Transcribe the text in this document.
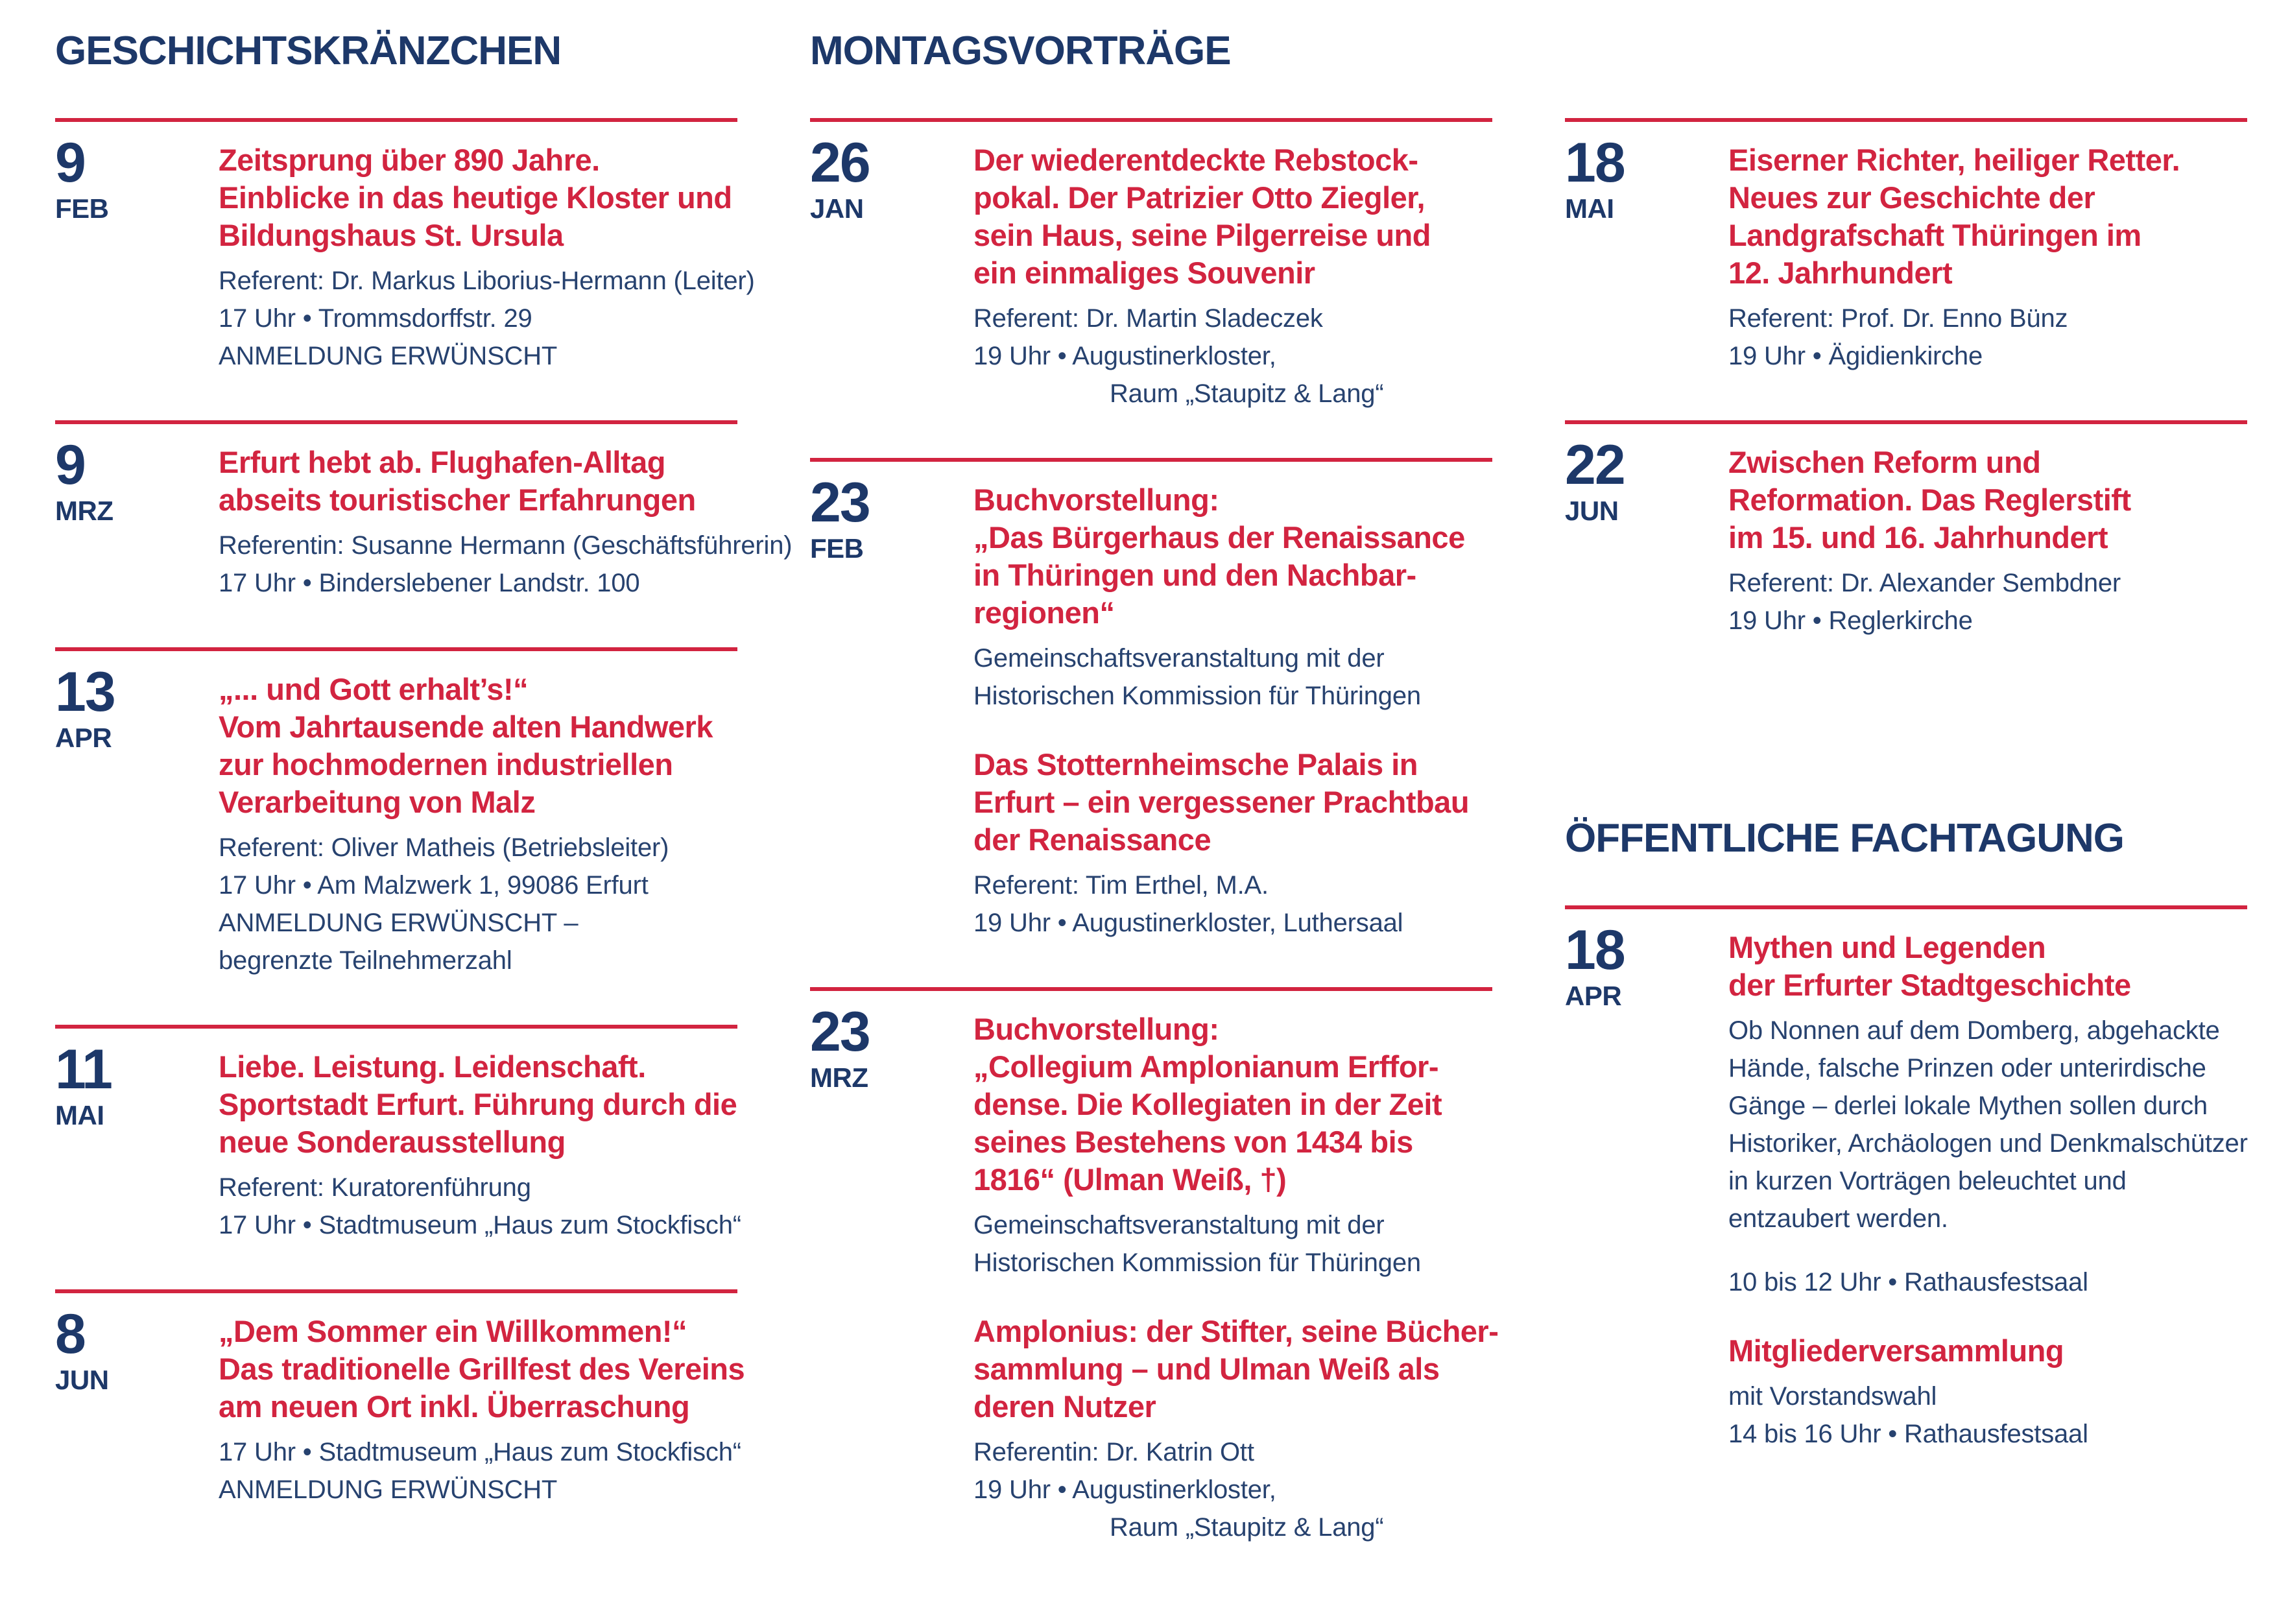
GESCHICHTSKRÄNZCHEN
9
FEB
Zeitsprung über 890 Jahre.
Einblicke in das heutige Kloster und
Bildungshaus St. Ursula
Referent: Dr. Markus Liborius-Hermann (Leiter)
17 Uhr • Trommsdorffstr. 29
ANMELDUNG ERWÜNSCHT
9
MRZ
Erfurt hebt ab. Flughafen-Alltag
abseits touristischer Erfahrungen
Referentin: Susanne Hermann (Geschäftsführerin)
17 Uhr • Binderslebener Landstr. 100
13
APR
„... und Gott erhalt’s!“
Vom Jahrtausende alten Handwerk
zur hochmodernen industriellen
Verarbeitung von Malz
Referent: Oliver Matheis (Betriebsleiter)
17 Uhr • Am Malzwerk 1, 99086 Erfurt
ANMELDUNG ERWÜNSCHT –
begrenzte Teilnehmerzahl
11
MAI
Liebe. Leistung. Leidenschaft.
Sportstadt Erfurt. Führung durch die
neue Sonderausstellung
Referent: Kuratorenführung
17 Uhr • Stadtmuseum „Haus zum Stockfisch“
8
JUN
„Dem Sommer ein Willkommen!“
Das traditionelle Grillfest des Vereins
am neuen Ort inkl. Überraschung
17 Uhr • Stadtmuseum „Haus zum Stockfisch“
ANMELDUNG ERWÜNSCHT
MONTAGSVORTRÄGE
26
JAN
Der wiederentdeckte Rebstock-
pokal. Der Patrizier Otto Ziegler,
sein Haus, seine Pilgerreise und
ein einmaliges Souvenir
Referent: Dr. Martin Sladeczek
19 Uhr • Augustinerkloster,
Raum „Staupitz & Lang“
23
FEB
Buchvorstellung:
„Das Bürgerhaus der Renaissance
in Thüringen und den Nachbar-
regionen“
Gemeinschaftsveranstaltung mit der
Historischen Kommission für Thüringen
Das Stotternheimsche Palais in
Erfurt – ein vergessener Prachtbau
der Renaissance
Referent: Tim Erthel, M.A.
19 Uhr • Augustinerkloster, Luthersaal
23
MRZ
Buchvorstellung:
„Collegium Amplonianum Erffor-
dense. Die Kollegiaten in der Zeit
seines Bestehens von 1434 bis
1816“ (Ulman Weiß, †)
Gemeinschaftsveranstaltung mit der
Historischen Kommission für Thüringen
Amplonius: der Stifter, seine Bücher-
sammlung – und Ulman Weiß als
deren Nutzer
Referentin: Dr. Katrin Ott
19 Uhr • Augustinerkloster,
Raum „Staupitz & Lang“
18
MAI
Eiserner Richter, heiliger Retter.
Neues zur Geschichte der
Landgrafschaft Thüringen im
12. Jahrhundert
Referent: Prof. Dr. Enno Bünz
19 Uhr • Ägidienkirche
22
JUN
Zwischen Reform und
Reformation. Das Reglerstift
im 15. und 16. Jahrhundert
Referent: Dr. Alexander Sembdner
19 Uhr • Reglerkirche
ÖFFENTLICHE FACHTAGUNG
18
APR
Mythen und Legenden
der Erfurter Stadtgeschichte
Ob Nonnen auf dem Domberg, abgehackte
Hände, falsche Prinzen oder unterirdische
Gänge – derlei lokale Mythen sollen durch
Historiker, Archäologen und Denkmalschützer
in kurzen Vorträgen beleuchtet und
entzaubert werden.
10 bis 12 Uhr • Rathausfestsaal
Mitgliederversammlung
mit Vorstandswahl
14 bis 16 Uhr • Rathausfestsaal
